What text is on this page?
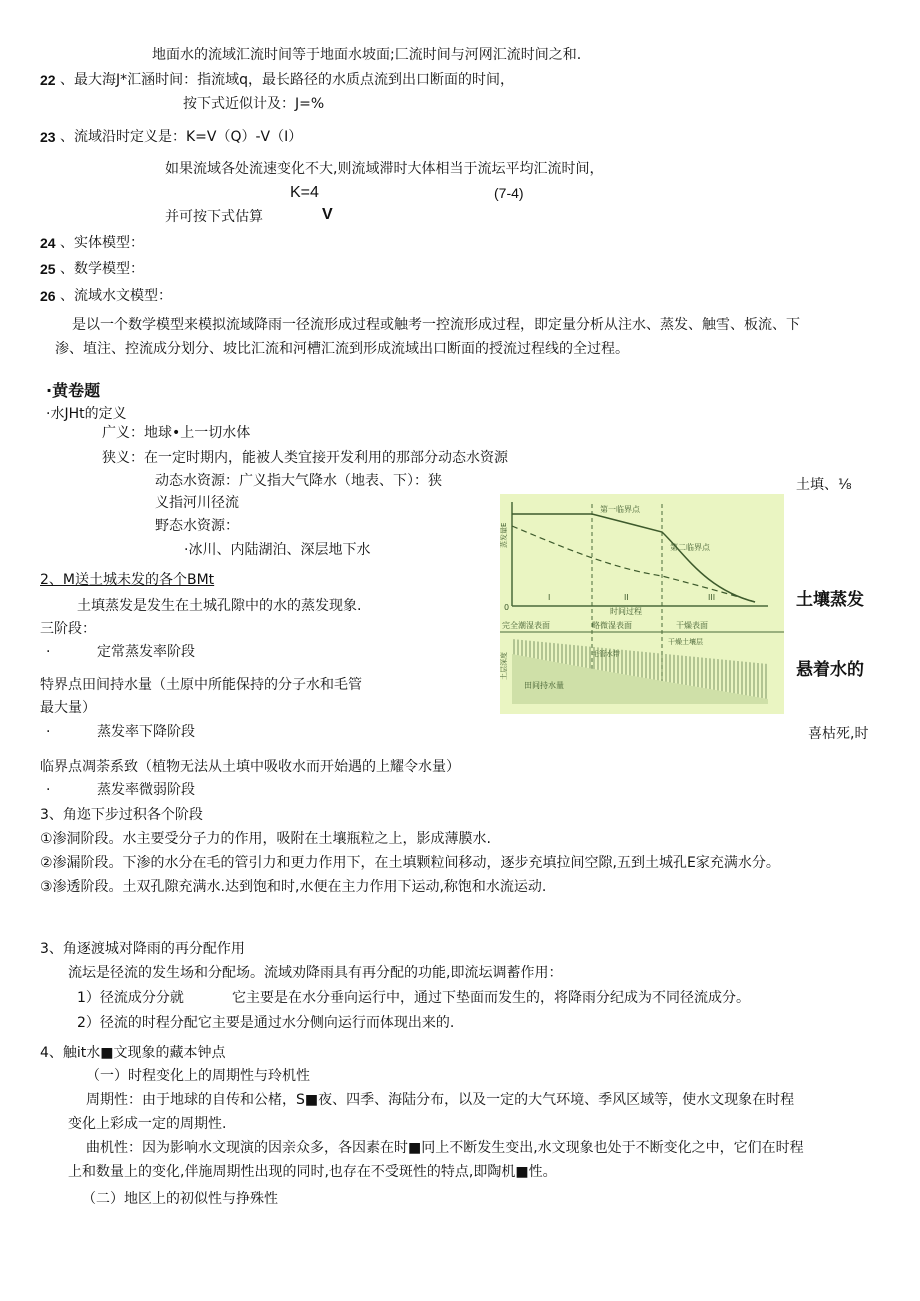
地面水的流域汇流时间等于地面水坡面;匚流时间与河网汇流时间之和.
22 、最大海J*汇涵时间：指流域q，最长路径的水质点流到出口断面的时间，
按下式近似计及：J=%
23 、流域沿时定义是：K=V（Q）-V（I）
如果流域各处流速变化不大,则流域滞时大体相当于流坛平均汇流时间，
K=4	(7-4)
并可按下式估算	V
24 、实体模型：
25 、数学模型：
26 、流域水文模型：
是以一个数学模型来模拟流域降雨一径流形成过程或触考一控流形成过程，即定量分析从注水、蒸发、触雪、板流、下
渗、埴注、控流成分划分、坡比汇流和河槽汇流到形成流域出口断面的授流过程线的全过程。
·黄卷题
·水JHt的定义
广义：地球•上一切水体
狭义：在一定时期内，能被人类宜接开发利用的那部分动态水资源
动态水资源：广义指大气降水（地表、下）：狭
义指河川径流
野态水资源：
·冰川、内陆湖泊、深层地下水
2、M送土城未发的各个BMt
土填蒸发是发生在土城孔隙中的水的蒸发现象.
三阶段：
·	定常蒸发率阶段
特界点田间持水量（土原中所能保持的分子水和毛管
最大量）
·	蒸发率下降阶段
临界点凋荼系致（植物无法从土填中吸收水而开始遇的上耀令水量）
·	蒸发率微弱阶段
土填、⅛
土壤蒸发
悬着水的
喜枯死,时
第一临界点
第二临界点
蒸发量E
时间过程
0
I	II	III
完全潮湿表面	略微湿表面	干燥表面
干燥土壤层
毛管水带
田间持水量
土层深度
3、角迩下步过积各个阶段
①渗洞阶段。水主要受分子力的作用，吸附在土壤瓶粒之上，影成薄膜水.
②渗漏阶段。下渗的水分在毛的管引力和更力作用下，在土填颗粒间移动，逐步充填拉间空隙,五到土城孔E家充满水分。
③渗透阶段。土双孔隙充满水.达到饱和时,水便在主力作用下运动,称饱和水流运动.
3、角逐渡城对降雨的再分配作用
流坛是径流的发生场和分配场。流域劝降雨具有再分配的功能,即流坛调蓄作用：
1）径流成分分就	它主要是在水分垂向运行中，通过下垫面而发生的，将降雨分纪成为不同径流成分。
2）径流的时程分配它主要是通过水分侧向运行而体现出来的.
4、触it水■文现象的藏本钟点
（一）时程变化上的周期性与玲机性
周期性：由于地球的自传和公楮，S■夜、四季、海陆分布，以及一定的大气环境、季风区域等，使水文现象在时程
变化上彩成一定的周期性.
曲机性：因为影响水文现演的因亲众多，各因素在时■冋上不断发生变出,水文现象也处于不断变化之中，它们在时程
上和数量上的变化,伴施周期性出现的同时,也存在不受斑性的特点,即陶机■性。
（二）地区上的初似性与挣殊性
